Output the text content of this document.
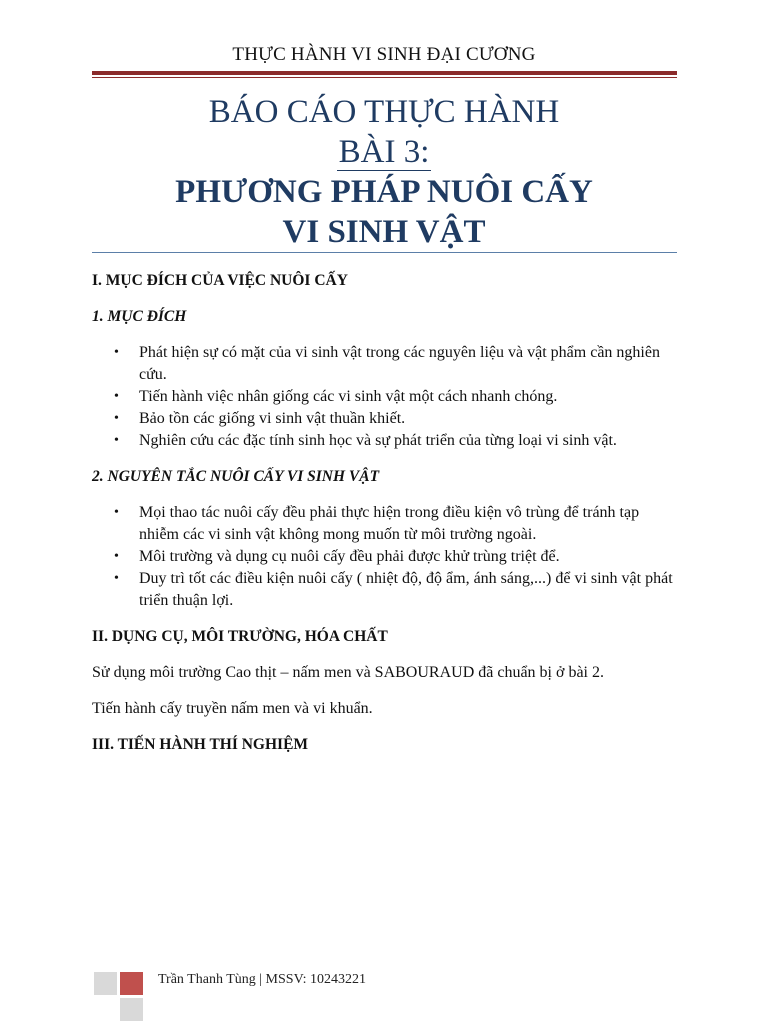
THỰC HÀNH VI SINH ĐẠI CƯƠNG
BÁO CÁO THỰC HÀNH
BÀI 3:
PHƯƠNG PHÁP NUÔI CẤY
VI SINH VẬT

I. MỤC ĐÍCH CỦA VIỆC NUÔI CẤY

1. MỤC ĐÍCH

• Phát hiện sự có mặt của vi sinh vật trong các nguyên liệu và vật phẩm cần nghiên cứu.
• Tiến hành việc nhân giống các vi sinh vật một cách nhanh chóng.
• Bảo tồn các giống vi sinh vật thuần khiết.
• Nghiên cứu các đặc tính sinh học và sự phát triển của từng loại vi sinh vật.

2. NGUYÊN TẮC NUÔI CẤY VI SINH VẬT

• Mọi thao tác nuôi cấy đều phải thực hiện trong điều kiện vô trùng để tránh tạp nhiễm các vi sinh vật không mong muốn từ môi trường ngoài.
• Môi trường và dụng cụ nuôi cấy đều phải được khử trùng triệt để.
• Duy trì tốt các điều kiện nuôi cấy ( nhiệt độ, độ ẩm, ánh sáng,...) để vi sinh vật phát triển thuận lợi.

II. DỤNG CỤ, MÔI TRƯỜNG, HÓA CHẤT

Sử dụng môi trường Cao thịt – nấm men và SABOURAUD đã chuẩn bị ở bài 2.

Tiến hành cấy truyền nấm men và vi khuẩn.

III. TIẾN HÀNH THÍ NGHIỆM

Trần Thanh Tùng | MSSV: 10243221
